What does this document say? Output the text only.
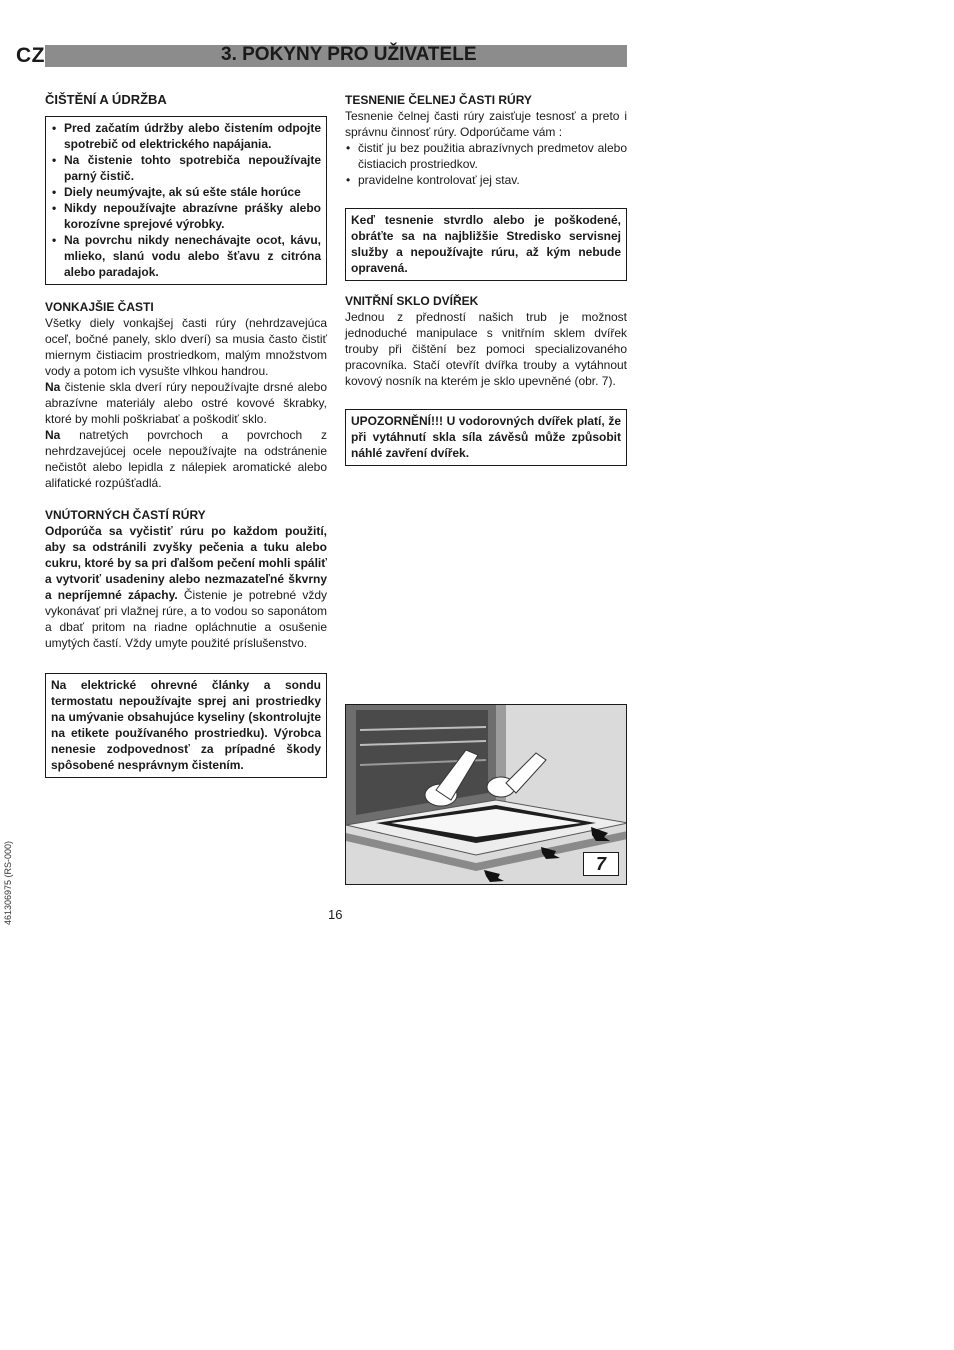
CZ	3. POKYNY PRO UŽIVATELE
ČIŠTĚNÍ A ÚDRŽBA
• Pred začatím údržby alebo čistením odpojte spotrebič od elektrického napájania.
• Na čistenie tohto spotrebiča nepoužívajte parný čistič.
• Diely neumývajte, ak sú ešte stále horúce
• Nikdy nepoužívajte abrazívne prášky alebo korozívne sprejové výrobky.
• Na povrchu nikdy nenechávajte ocot, kávu, mlieko, slanú vodu alebo šťavu z citróna alebo paradajok.
VONKAJŠIE ČASTI

Všetky diely vonkajšej časti rúry (nehrdzavejúca oceľ, bočné panely, sklo dverí) sa musia často čistiť miernym čistiacim prostriedkom, malým množstvom vody a potom ich vysušte vlhkou handrou.

Na čistenie skla dverí rúry nepoužívajte drsné alebo abrazívne materiály alebo ostré kovové škrabky, ktoré by mohli poškriabať a poškodiť sklo.

Na natretých povrchoch a povrchoch z nehrdzavejúcej ocele nepoužívajte na odstránenie nečistôt alebo lepidla z nálepiek aromatické alebo alifatické rozpúšťadlá.

VNÚTORNÝCH ČASTÍ RÚRY

Odporúča sa vyčistiť rúru po každom použití, aby sa odstránili zvyšky pečenia a tuku alebo cukru, ktoré by sa pri ďalšom pečení mohli spáliť a vytvoriť usadeniny alebo nezmazateľné škvrny a nepríjemné zápachy. Čistenie je potrebné vždy vykonávať pri vlažnej rúre, a to vodou so saponátom a dbať pritom na riadne opláchnutie a osušenie umytých častí. Vždy umyte použité príslušenstvo.

Na elektrické ohrevné články a sondu termostatu nepoužívajte sprej ani prostriedky na umývanie obsahujúce kyseliny (skontrolujte na etikete používaného prostriedku). Výrobca nenesie zodpovednosť za prípadné škody spôsobené nesprávnym čistením.

TESNENIE ČELNEJ ČASTI RÚRY

Tesnenie čelnej časti rúry zaisťuje tesnosť a preto i správnu činnosť rúry. Odporúčame vám :

• čistiť ju bez použitia abrazívnych predmetov alebo čistiacich prostriedkov.
• pravidelne kontrolovať jej stav.

Keď tesnenie stvrdlo alebo je poškodené, obráťte sa na najbližšie Stredisko servisnej služby a nepoužívajte rúru, až kým nebude opravená.

VNITŘNÍ SKLO DVÍŘEK

Jednou z předností našich trub je možnost jednoduché manipulace s vnitřním sklem dvířek trouby při čištění bez pomoci specializovaného pracovníka. Stačí otevřít dvířka trouby a vytáhnout kovový nosník na kterém je sklo upevněné (obr. 7).

UPOZORNĚNÍ!!! U vodorovných dvířek platí, že při vytáhnutí skla síla závěsů může způsobit náhlé zavření dvířek.

7
16
461306975 (RS-000)
